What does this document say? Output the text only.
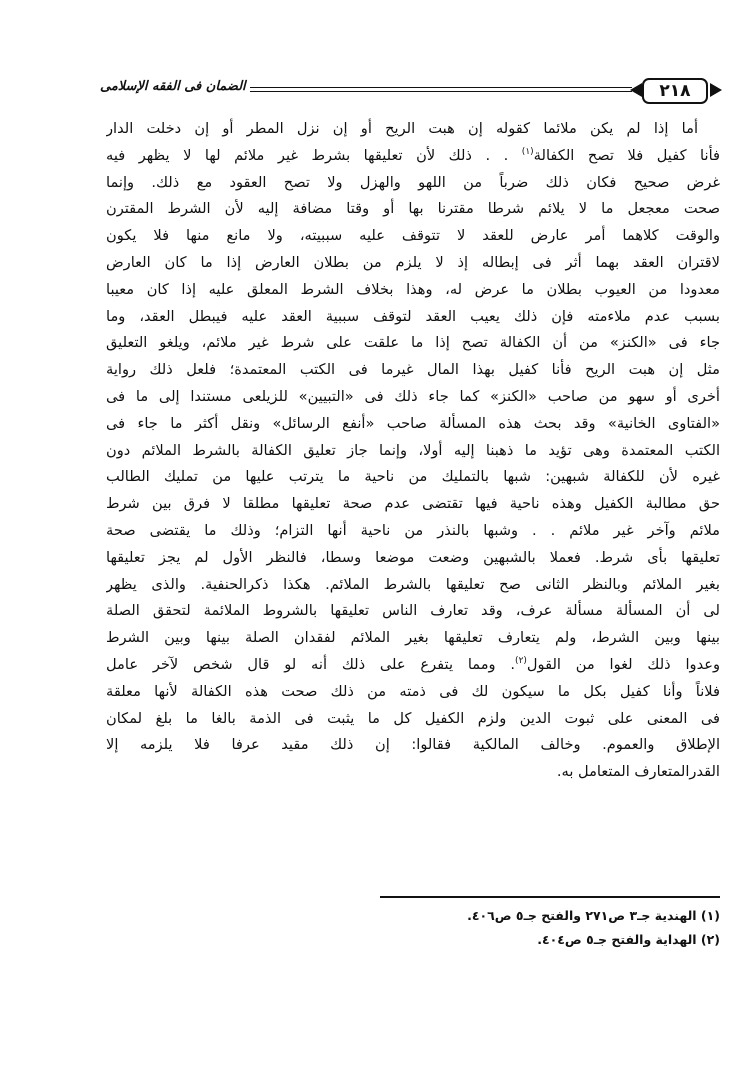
٢١٨
الضمان فى الفقه الإسلامى
أما إذا لم يكن ملائما كقوله إن هبت الريح أو إن نزل المطر أو إن دخلت الدار
فأنا كفيل فلا تصح الكفالة$^{(١)}$ . . ذلك لأن تعليقها بشرط غير ملائم لها لا يظهر فيه
غرض صحيح فكان ذلك ضرباً من اللهو والهزل ولا تصح العقود مع ذلك. وإنما
صحت معجعل ما لا يلائم شرطا مقترنا بها أو وقتا مضافة إليه لأن الشرط المقترن
والوقت كلاهما أمر عارض للعقد لا تتوقف عليه سببيته، ولا مانع منها فلا يكون
لاقتران العقد بهما أثر فى إبطاله إذ لا يلزم من بطلان العارض إذا ما كان العارض
معدودا من العيوب بطلان ما عرض له، وهذا بخلاف الشرط المعلق عليه إذا كان معيبا
بسبب عدم ملاءمته فإن ذلك يعيب العقد لتوقف سببية العقد عليه فيبطل العقد، وما
جاء فى «الكنز» من أن الكفالة تصح إذا ما علقت على شرط غير ملائم، ويلغو التعليق
مثل إن هبت الريح فأنا كفيل بهذا المال غيرما فى الكتب المعتمدة؛ فلعل ذلك رواية
أخرى أو سهو من صاحب «الكنز» كما جاء ذلك فى «التبيين» للزيلعى مستندا إلى ما فى
«الفتاوى الخانية» وقد بحث هذه المسألة صاحب «أنفع الرسائل» ونقل أكثر ما جاء فى
الكتب المعتمدة وهى تؤيد ما ذهبنا إليه أولا، وإنما جاز تعليق الكفالة بالشرط الملائم دون
غيره لأن للكفالة شبهين: شبها بالتمليك من ناحية ما يترتب عليها من تمليك الطالب
حق مطالبة الكفيل وهذه ناحية فيها تقتضى عدم صحة تعليقها مطلقا لا فرق بين شرط
ملائم وآخر غير ملائم . . وشبها بالنذر من ناحية أنها التزام؛ وذلك ما يقتضى صحة
تعليقها بأى شرط. فعملا بالشبهين وضعت موضعا وسطا، فالنظر الأول لم يجز تعليقها
بغير الملائم وبالنظر الثانى صح تعليقها بالشرط الملائم. هكذا ذكرالحنفية. والذى يظهر
لى أن المسألة مسألة عرف، وقد تعارف الناس تعليقها بالشروط الملائمة لتحقق الصلة
بينها وبين الشرط، ولم يتعارف تعليقها بغير الملائم لفقدان الصلة بينها وبين الشرط
وعدوا ذلك لغوا من القول$^{(٢)}$. ومما يتفرع على ذلك أنه لو قال شخص لآخر عامل
فلاناً وأنا كفيل بكل ما سيكون لك فى ذمته من ذلك صحت هذه الكفالة لأنها معلقة
فى المعنى على ثبوت الدين ولزم الكفيل كل ما يثبت فى الذمة بالغا ما بلغ لمكان
الإطلاق والعموم. وخالف المالكية فقالوا: إن ذلك مقيد عرفا فلا يلزمه إلا
القدرالمتعارف المتعامل به.
(١) الهندية جـ٣ ص٢٧١ والفتح جـ٥ ص٤٠٦.
(٢) الهداية والفتح جـ٥ ص٤٠٤.
